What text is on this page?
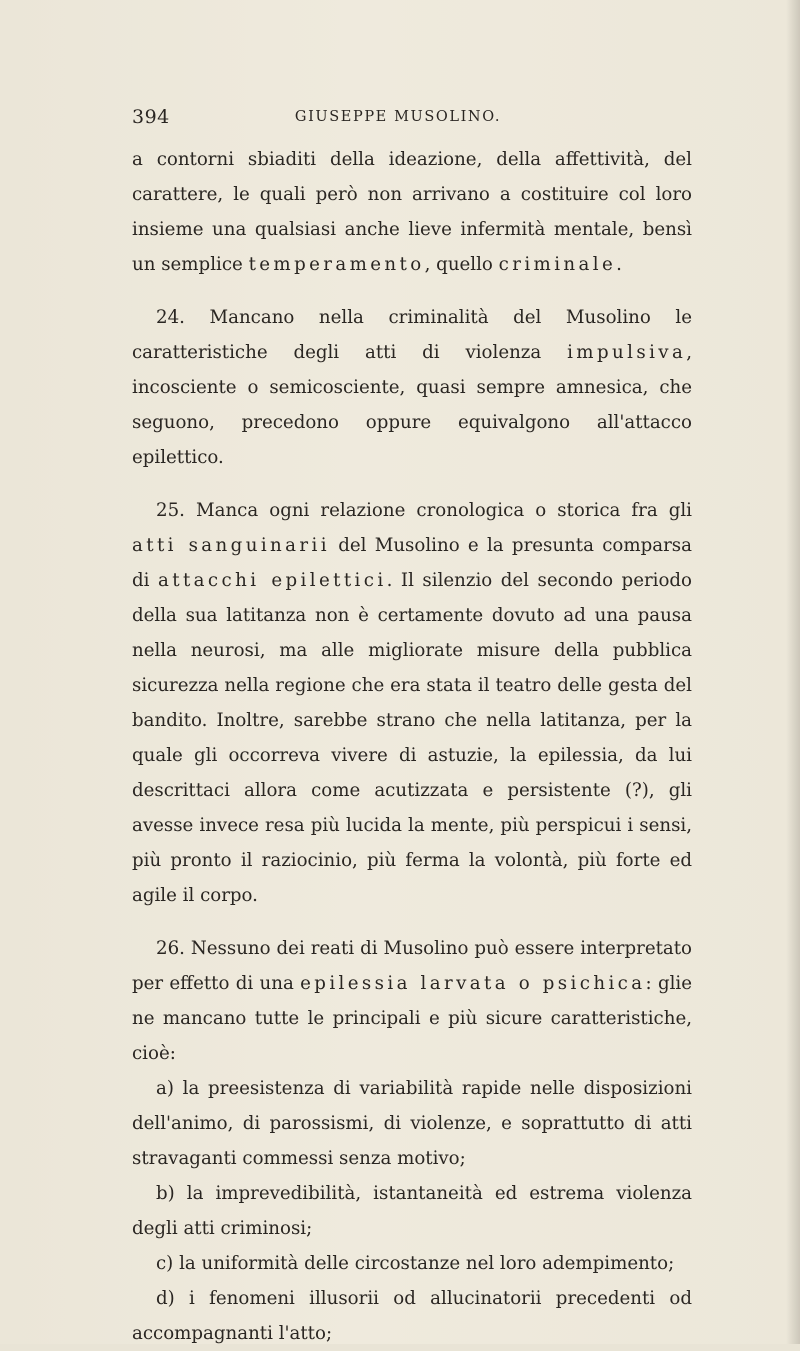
394	GIUSEPPE MUSOLINO.

a contorni sbiaditi della ideazione, della affettività, del carattere, le quali però non arrivano a costituire col loro insieme una qualsiasi anche lieve infermità mentale, bensì un semplice temperamento, quello criminale.

24. Mancano nella criminalità del Musolino le caratteristiche degli atti di violenza impulsiva, incosciente o semicosciente, quasi sempre amnesica, che seguono, precedono oppure equivalgono all'attacco epilettico.

25. Manca ogni relazione cronologica o storica fra gli atti sanguinarii del Musolino e la presunta comparsa di attacchi epilettici. Il silenzio del secondo periodo della sua latitanza non è certamente dovuto ad una pausa nella neurosi, ma alle migliorate misure della pubblica sicurezza nella regione che era stata il teatro delle gesta del bandito. Inoltre, sarebbe strano che nella latitanza, per la quale gli occorreva vivere di astuzie, la epilessia, da lui descrittaci allora come acutizzata e persistente (?), gli avesse invece resa più lucida la mente, più perspicui i sensi, più pronto il raziocinio, più ferma la volontà, più forte ed agile il corpo.

26. Nessuno dei reati di Musolino può essere interpretato per effetto di una epilessia larvata o psichica: glie ne mancano tutte le principali e più sicure caratteristiche, cioè:

a) la preesistenza di variabilità rapide nelle disposizioni dell'animo, di parossismi, di violenze, e soprattutto di atti stravaganti commessi senza motivo;

b) la imprevedibilità, istantaneità ed estrema violenza degli atti criminosi;

c) la uniformità delle circostanze nel loro adempimento;

d) i fenomeni illusorii od allucinatorii precedenti od accompagnanti l'atto;
